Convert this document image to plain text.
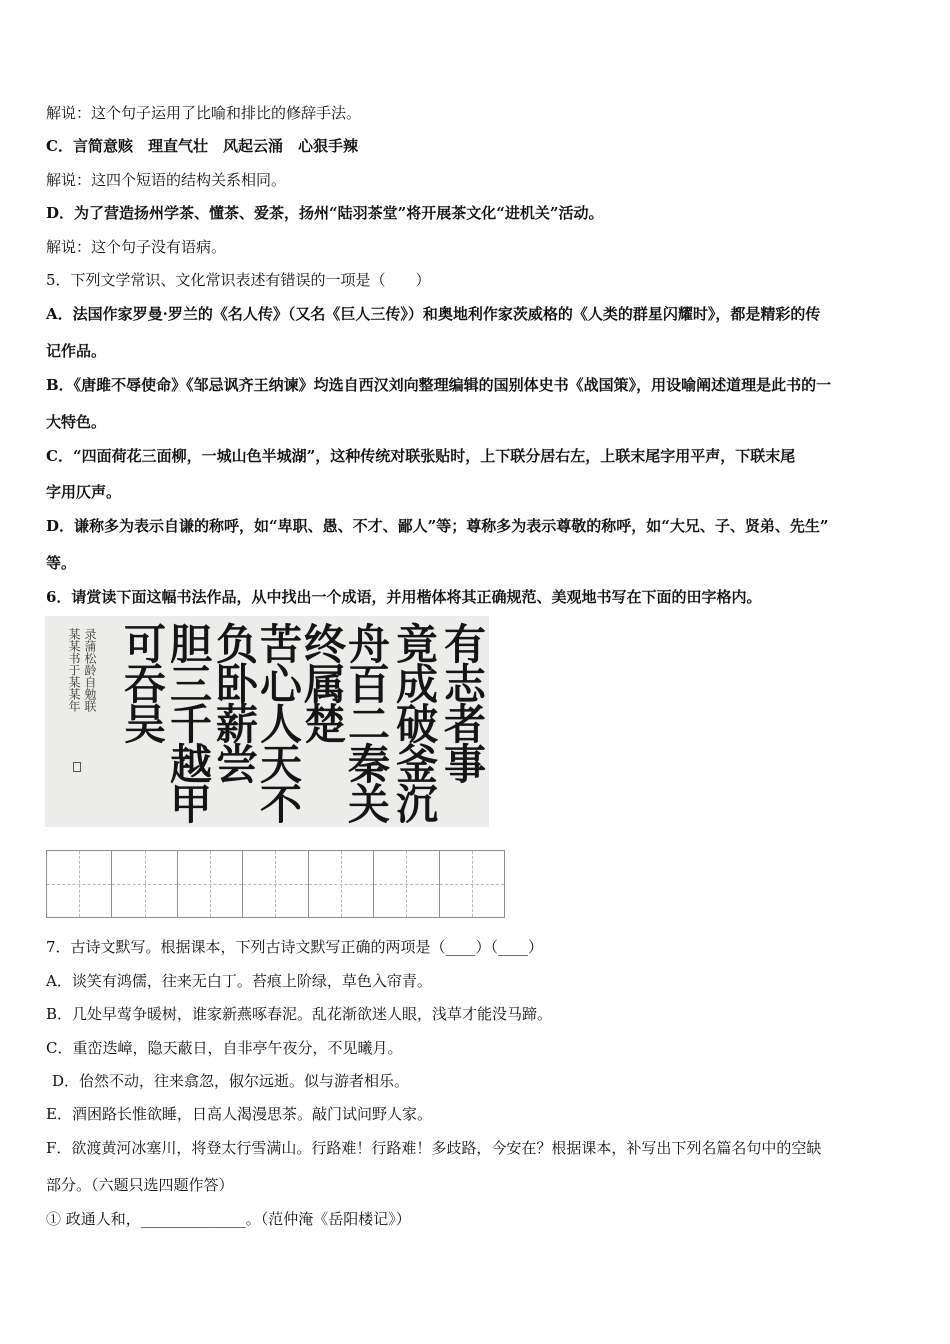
解说：这个句子运用了比喻和排比的修辞手法。
C．言简意赅　理直气壮　风起云涌　心狠手辣
解说：这四个短语的结构关系相同。
D．为了营造扬州学茶、懂茶、爱茶，扬州“陆羽茶堂”将开展茶文化“进机关”活动。
解说：这个句子没有语病。
5．下列文学常识、文化常识表述有错误的一项是（　　）
A．法国作家罗曼·罗兰的《名人传》（又名《巨人三传》）和奥地利作家茨威格的《人类的群星闪耀时》，都是精彩的传
记作品。
B．《唐雎不辱使命》《邹忌讽齐王纳谏》均选自西汉刘向整理编辑的国别体史书《战国策》，用设喻阐述道理是此书的一
大特色。
C．“四面荷花三面柳，一城山色半城湖”，这种传统对联张贴时，上下联分居右左，上联末尾字用平声，下联末尾
字用仄声。
D．谦称多为表示自谦的称呼，如“卑职、愚、不才、鄙人”等；尊称多为表示尊敬的称呼，如“大兄、子、贤弟、先生”
等。
6．请赏读下面这幅书法作品，从中找出一个成语，并用楷体将其正确规范、美观地书写在下面的田字格内。
有志者事
竟成破釜沉
舟百二秦关
终属楚
苦心人天不
负卧薪尝
胆三千越甲
可吞吴
录蒲松龄自勉联
某某书于某某年
7．古诗文默写。根据课本，下列古诗文默写正确的两项是（____）（____）
A．谈笑有鸿儒，往来无白丁。苔痕上阶绿，草色入帘青。
B．几处早莺争暖树，谁家新燕啄春泥。乱花渐欲迷人眼，浅草才能没马蹄。
C．重峦迭嶂，隐天蔽日，自非亭午夜分，不见曦月。
D．佁然不动，往来翕忽，俶尔远逝。似与游者相乐。
E．酒困路长惟欲睡，日高人渴漫思茶。敲门试问野人家。
F．欲渡黄河冰塞川，将登太行雪满山。行路难！行路难！多歧路，今安在？根据课本，补写出下列名篇名句中的空缺
部分。（六题只选四题作答）
① 政通人和，______________。（范仲淹《岳阳楼记》）
